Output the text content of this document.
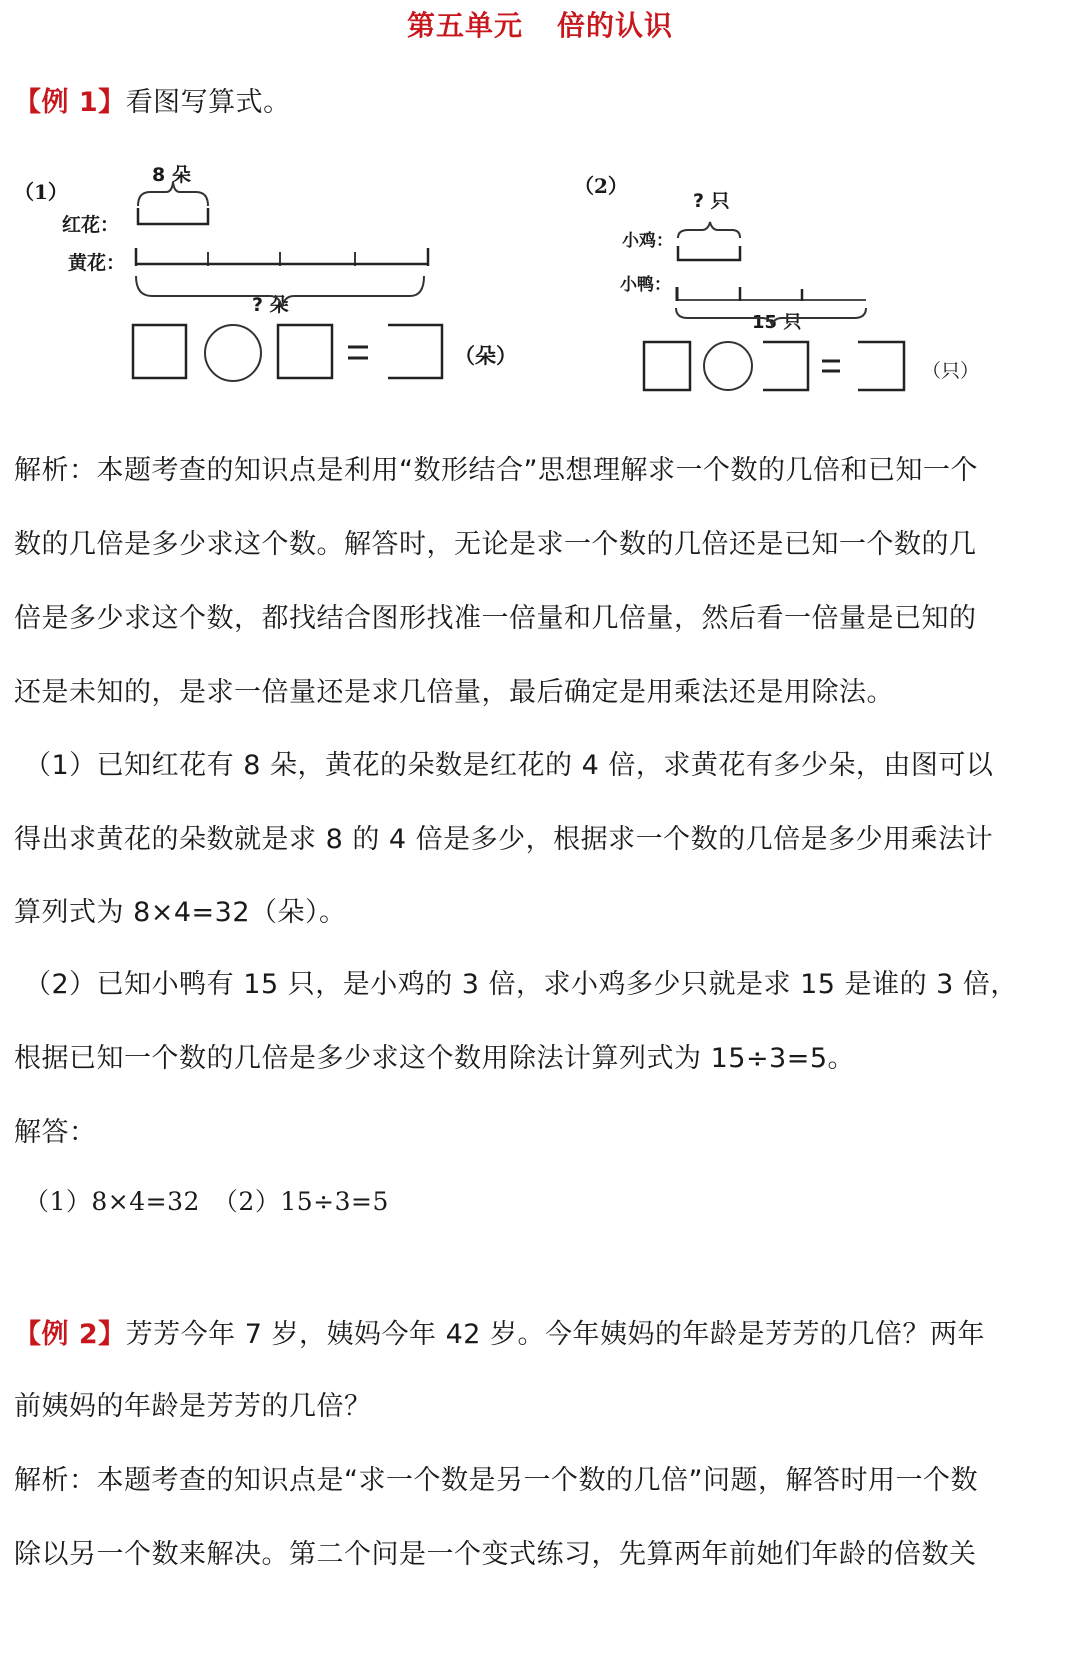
第五单元 倍的认识
【例 1】看图写算式。
（1）
8 朵
红花：
黄花：
? 朵
（朵）
（2）
? 只
小鸡：
小鸭：
15 只
（只）
解析：本题考查的知识点是利用“数形结合”思想理解求一个数的几倍和已知一个
数的几倍是多少求这个数。解答时，无论是求一个数的几倍还是已知一个数的几
倍是多少求这个数，都找结合图形找准一倍量和几倍量，然后看一倍量是已知的
还是未知的，是求一倍量还是求几倍量，最后确定是用乘法还是用除法。
（1）已知红花有 8 朵，黄花的朵数是红花的 4 倍，求黄花有多少朵，由图可以
得出求黄花的朵数就是求 8 的 4 倍是多少，根据求一个数的几倍是多少用乘法计
算列式为 8×4=32（朵）。
（2）已知小鸭有 15 只，是小鸡的 3 倍，求小鸡多少只就是求 15 是谁的 3 倍，
根据已知一个数的几倍是多少求这个数用除法计算列式为 15÷3=5。
解答：
（1）8×4=32　（2）15÷3=5
【例 2】芳芳今年 7 岁，姨妈今年 42 岁。今年姨妈的年龄是芳芳的几倍？两年
前姨妈的年龄是芳芳的几倍？
解析：本题考查的知识点是“求一个数是另一个数的几倍”问题，解答时用一个数
除以另一个数来解决。第二个问是一个变式练习，先算两年前她们年龄的倍数关
